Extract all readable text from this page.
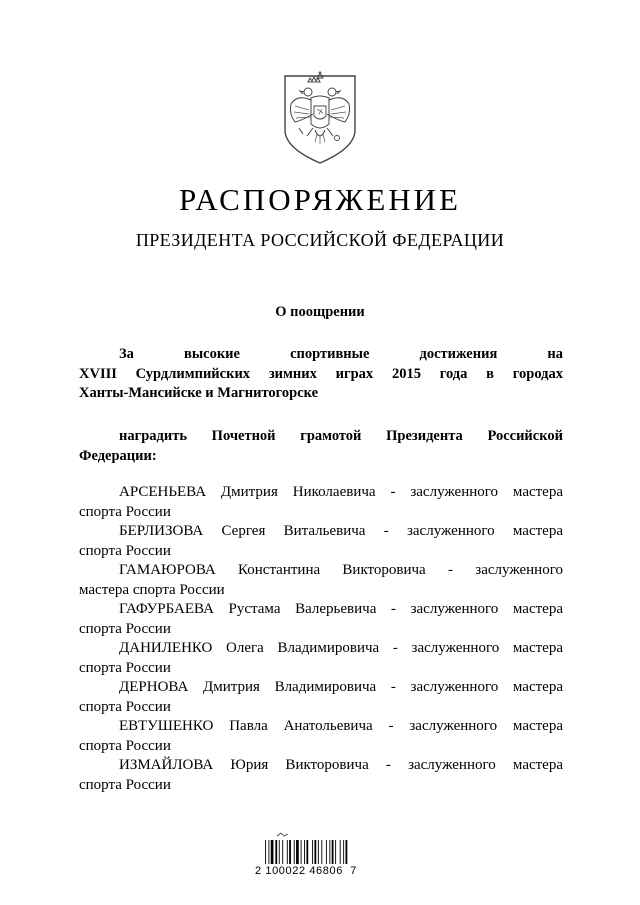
РАСПОРЯЖЕНИЕ
ПРЕЗИДЕНТА РОССИЙСКОЙ ФЕДЕРАЦИИ
О поощрении
За высокие спортивные достижения на
XVIII Сурдлимпийских зимних играх 2015 года в городах
Ханты-Мансийске и Магнитогорске
наградить Почетной грамотой Президента Российской
Федерации:
АРСЕНЬЕВА Дмитрия Николаевича - заслуженного мастера
спорта России
БЕРЛИЗОВА Сергея Витальевича - заслуженного мастера
спорта России
ГАМАЮРОВА Константина Викторовича - заслуженного
мастера спорта России
ГАФУРБАЕВА Рустама Валерьевича - заслуженного мастера
спорта России
ДАНИЛЕНКО Олега Владимировича - заслуженного мастера
спорта России
ДЕРНОВА Дмитрия Владимировича - заслуженного мастера
спорта России
ЕВТУШЕНКО Павла Анатольевича - заслуженного мастера
спорта России
ИЗМАЙЛОВА Юрия Викторовича - заслуженного мастера
спорта России
2 100022 46806  7
